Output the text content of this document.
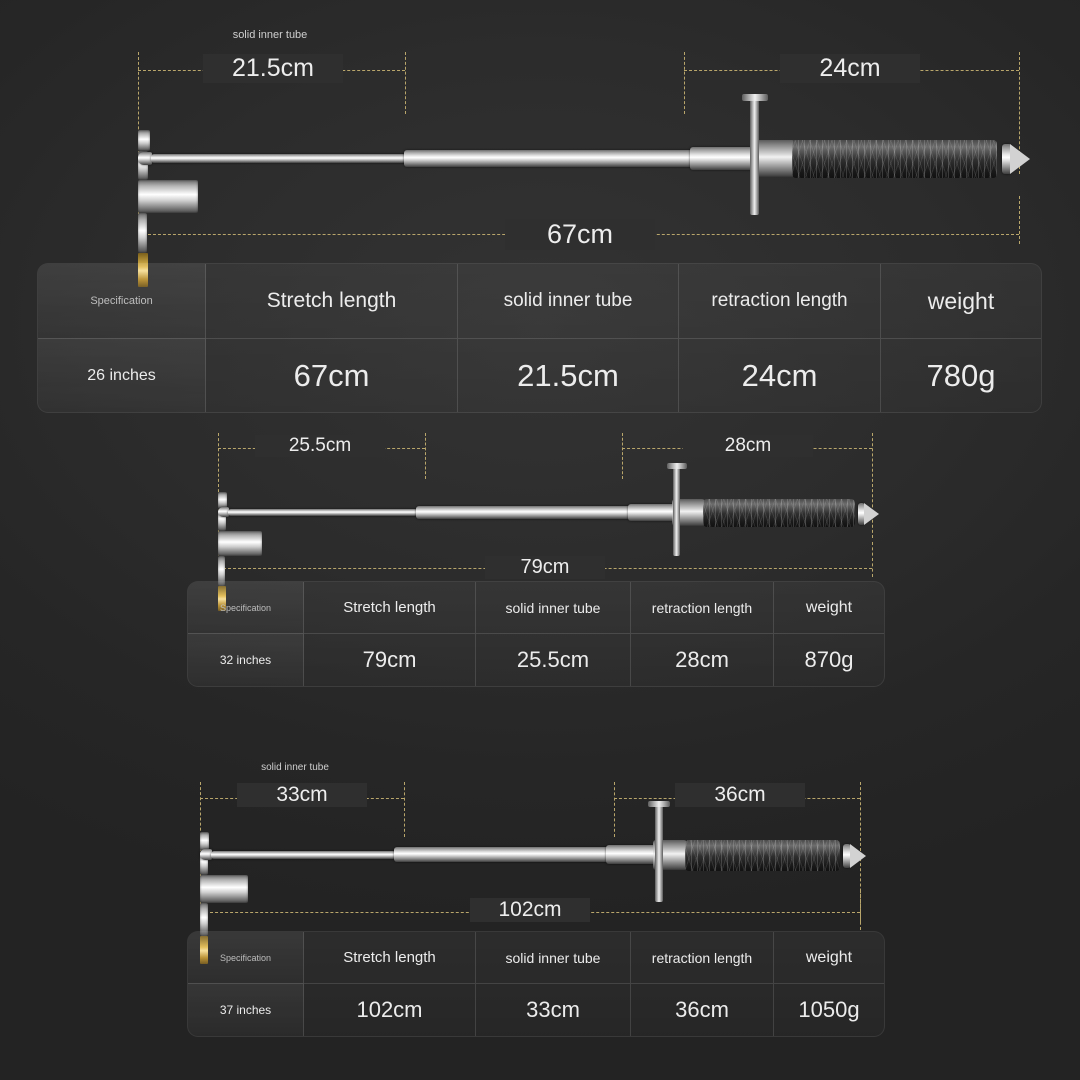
solid inner tube
21.5cm	24cm
67cm
Specification	Stretch length	solid inner tube	retraction length	weight
26 inches	67cm	21.5cm	24cm	780g
25.5cm	28cm
79cm
Specification	Stretch length	solid inner tube	retraction length	weight
32 inches	79cm	25.5cm	28cm	870g
solid inner tube
33cm	36cm
102cm
Specification	Stretch length	solid inner tube	retraction length	weight
37 inches	102cm	33cm	36cm	1050g
